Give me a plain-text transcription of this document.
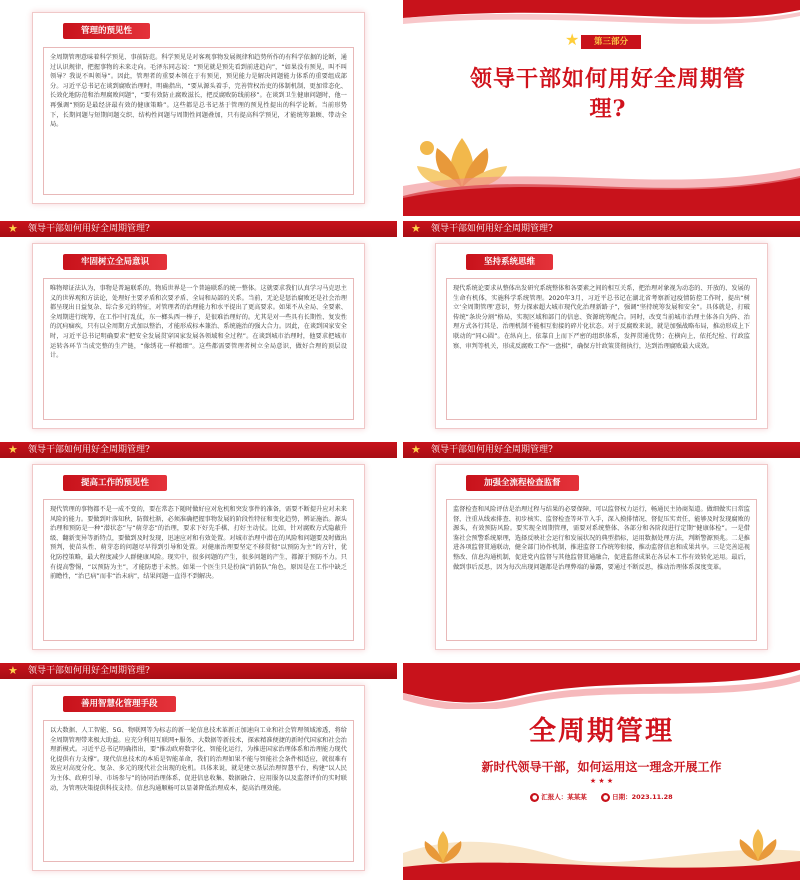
管理的预见性
全周期管理意味着科学预见、事前防范。科学预见是对客观事物发展规律和趋势所作的有科学依据的论断，通过认识规律，把握事物的未来走向。毛泽东同志说：“预见就是预先看到前进趋向”，“如果没有预见，叫不叫领导？我说不叫领导”。因此，管理者的重要本领在于有预见，预见能力是解决问题能力体系的重要组成部分。习近平总书记在谈到腐败治理时，明确指出，“要从源头着手，完善管权治吏的体制机制，更加常态化、长效化地防范和治理腐败问题”，“要有效防止腐败滋长，把反腐败防线前移”。在谈到卫生健康问题时，他一再强调“预防是最经济最有效的健康策略”。这些都是总书记基于管理的预见性提出的科学论断。当前形势下，长期问题与短期问题交织、结构性问题与周期性问题叠加，只有提高科学预见，才能统筹兼顾、带动全局。
★	第三部分
领导干部如何用好全周期管理?
★ 领导干部如何用好全周期管理?
牢固树立全局意识
唯物辩证法认为，事物是普遍联系的，物质世界是一个普遍联系的统一整体。这就要求我们认真学习马克思主义的世界观和方法论，处理好主要矛盾和次要矛盾、全局和局部的关系。当前，无论是惩治腐败还是社会治理都呈现出日益复杂、综合多元的特征，对管理者的治理能力和水平提出了更高要求。如果不从全局、全要素、全周期进行统筹，在工作中打乱仗，东一榔头西一棒子，是很难治理好的。尤其是对一些具有长期性、复发性的沉疴痼疾，只有以全周期方式加以整治，才能形成标本兼治、系统施治的强大合力。因此，在谈到国家安全时，习近平总书记明确要求“把安全发展贯穿国家发展各领域和全过程”。在谈到城市治理时，他要求把城市运转各环节当成完整的生产链，“像绣花一样精细”。这些都需要管理者树立全局意识，做好合理的顶层设计。
★ 领导干部如何用好全周期管理?
坚持系统思维
现代系统论要求从整体出发研究系统整体和各要素之间的相互关系，把治理对象视为动态的、开放的、发展的生命有机体，实施科学系统管理。2020年3月，习近平总书记在湖北省考察新冠疫情防控工作时，提出“树立‘全周期管理’意识，努力探索超大城市现代化治理新路子”，强调“坚持统筹发展和安全”。具体就是，打破传统“条块分割”格局，实现区域和部门的信息、资源统筹配合。同时，改变当前城市治理主体各自为阵、治理方式各行其是、治理机制不能相互衔接的碎片化状态。对于反腐败来说，就是加强战略布局，推动形成上下联动的“同心圆”。在纵向上，依靠自上而下严密的组织体系，发挥贯通优势；在横向上，依托纪检、行政监察、审判等机关，形成反腐败工作“一盘棋”，确保方针政策贯彻执行，达到治理腐败最大成效。
★ 领导干部如何用好全周期管理?
提高工作的预见性
现代管理的事物都不是一成不变的，要在常态下随时做好应对危机和突发事件的准备，需要不断提升应对未来风险的能力。要做到叶落知秋，防微杜渐，必须准确把握事物发展的阶段性特征和变化趋势，辨证施治。源头治理和预防是一种“潜状态”与“萌芽态”的治理，要求下好先手棋、打好主动仗。比如，针对腐败方式隐蔽升级、翻新变异等新特点，要做到及时发现，迅速应对和有效处置。对城市治理中潜在的风险和问题要及时做出预判，使苗头性、萌芽态的问题尽早得到引导和处置。对健康治理要坚定不移贯彻“以预防为主”的方针，优化防控策略，最大程度减少人群健康风险。现实中，很多问题的产生，很多问题的产生，都源于预防不力。只有提高警惕，“以预防为主”，才能防患于未然。如果一个医生只是扮演“消防队”角色，原因是在工作中缺乏前瞻性，“治已病”而非“治未病”，结果问题一直得不到解决。
★ 领导干部如何用好全周期管理?
加强全流程检查监督
监督检查和风险评估是治理过程与结果的必要保障，可以监督权力运行，畅通民主协商渠道。做细做实日常监督，注重从线索排查、初步核实、监督检查等环节入手，深入摸排情况、督促压实责任，能够及时发现腐败的源头，有效预防风险。要实现全周期管理，需要对系统整体、各部分和各阶段进行定期“健康体检”。一是借鉴社会预警系统原理，选择反映社会运行和发展状况的典型指标，运用数据处理方法，判断警源预兆。二是推进各项监督贯通联动，健全部门协作机制，推进监督工作统筹衔接，推动监督信息和成果共享。三是完善巡视整改、信息沟通机制，促进党内监督与其他监督贯通融合，促进监督成果在各层本工作有效转化运用。最后，做到事后反思，因为每次出现问题都是治理弊端的暴露，要通过不断反思，推动治理体系深度变革。
★ 领导干部如何用好全周期管理?
善用智慧化管理手段
以大数据、人工智能、5G、物联网等为标志的新一轮信息技术革新正加速向工业和社会管理领域渗透，将给全周期管理带来极大助益。应充分利用互联网+服务、大数据等新技术，探索精准便捷的新时代国家和社会治理新模式。习近平总书记明确指出，要“推动政府数字化、智能化运行，为推进国家治理体系和治理能力现代化提供有力支撑”。现代信息技术的本质是智能革命，我们的治理如果不能与智能社会条件相适应，就很难有效应对高度分化、复杂、多元的现代社会出现的危机。具体来说，就是建立基层治理智慧平台，构建“以人民为主体、政府引导、市场参与”的协同治理体系，促进信息收集、数据融合、应用服务以及监督评价的实时联动，为管理决策提供科技支持。信息沟通顺畅可以显著降低治理成本，提高治理效能。
全周期管理
新时代领导干部，如何运用这一理念开展工作
★ ★ ★
● 汇报人：某某某	● 日期：2023.11.28
